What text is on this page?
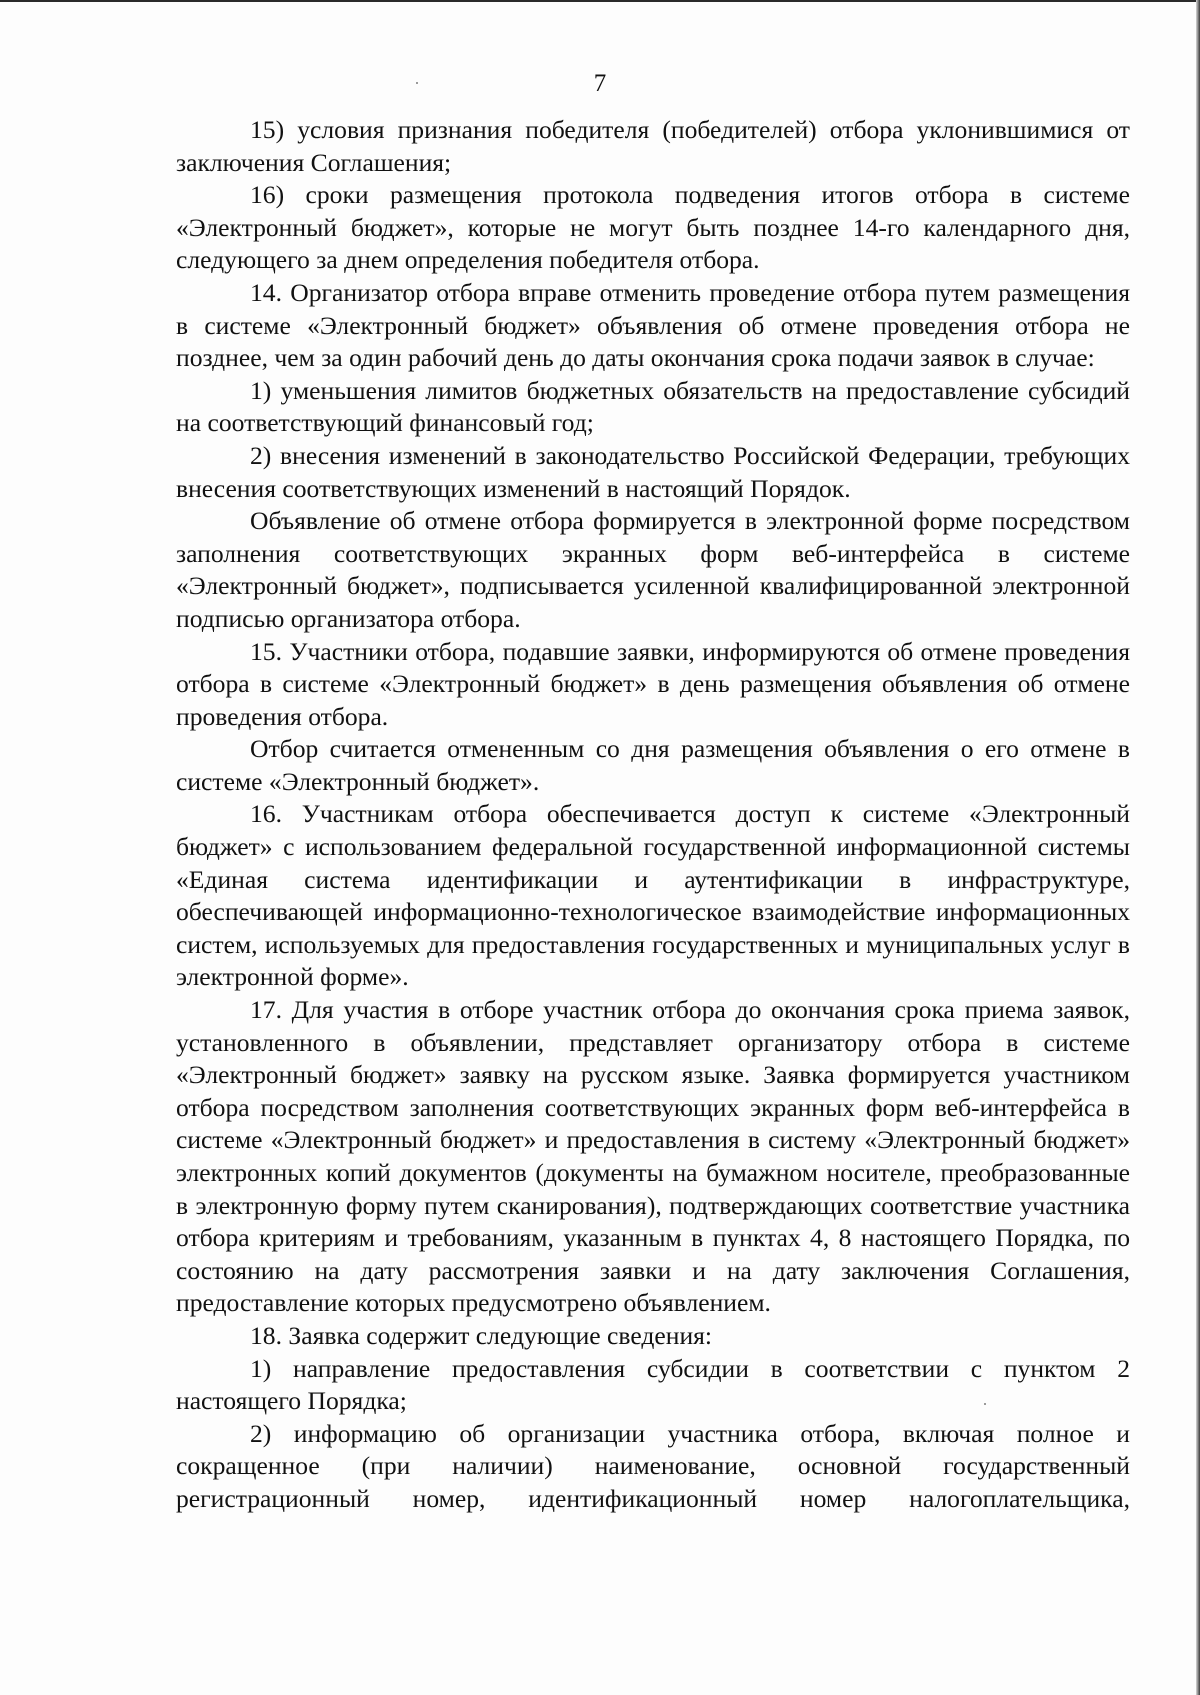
7

15) условия признания победителя (победителей) отбора уклонившимися от заключения Соглашения;

16) сроки размещения протокола подведения итогов отбора в системе «Электронный бюджет», которые не могут быть позднее 14-го календарного дня, следующего за днем определения победителя отбора.

14. Организатор отбора вправе отменить проведение отбора путем размещения в системе «Электронный бюджет» объявления об отмене проведения отбора не позднее, чем за один рабочий день до даты окончания срока подачи заявок в случае:

1) уменьшения лимитов бюджетных обязательств на предоставление субсидий на соответствующий финансовый год;

2) внесения изменений в законодательство Российской Федерации, требующих внесения соответствующих изменений в настоящий Порядок.

Объявление об отмене отбора формируется в электронной форме посредством заполнения соответствующих экранных форм веб-интерфейса в системе «Электронный бюджет», подписывается усиленной квалифицированной электронной подписью организатора отбора.

15. Участники отбора, подавшие заявки, информируются об отмене проведения отбора в системе «Электронный бюджет» в день размещения объявления об отмене проведения отбора.

Отбор считается отмененным со дня размещения объявления о его отмене в системе «Электронный бюджет».

16. Участникам отбора обеспечивается доступ к системе «Электронный бюджет» с использованием федеральной государственной информационной системы «Единая система идентификации и аутентификации в инфраструктуре, обеспечивающей информационно-технологическое взаимодействие информационных систем, используемых для предоставления государственных и муниципальных услуг в электронной форме».

17. Для участия в отборе участник отбора до окончания срока приема заявок, установленного в объявлении, представляет организатору отбора в системе «Электронный бюджет» заявку на русском языке. Заявка формируется участником отбора посредством заполнения соответствующих экранных форм веб-интерфейса в системе «Электронный бюджет» и предоставления в систему «Электронный бюджет» электронных копий документов (документы на бумажном носителе, преобразованные в электронную форму путем сканирования), подтверждающих соответствие участника отбора критериям и требованиям, указанным в пунктах 4, 8 настоящего Порядка, по состоянию на дату рассмотрения заявки и на дату заключения Соглашения, предоставление которых предусмотрено объявлением.

18. Заявка содержит следующие сведения:

1) направление предоставления субсидии в соответствии с пунктом 2 настоящего Порядка;

2) информацию об организации участника отбора, включая полное и сокращенное (при наличии) наименование, основной государственный регистрационный номер, идентификационный номер налогоплательщика,
